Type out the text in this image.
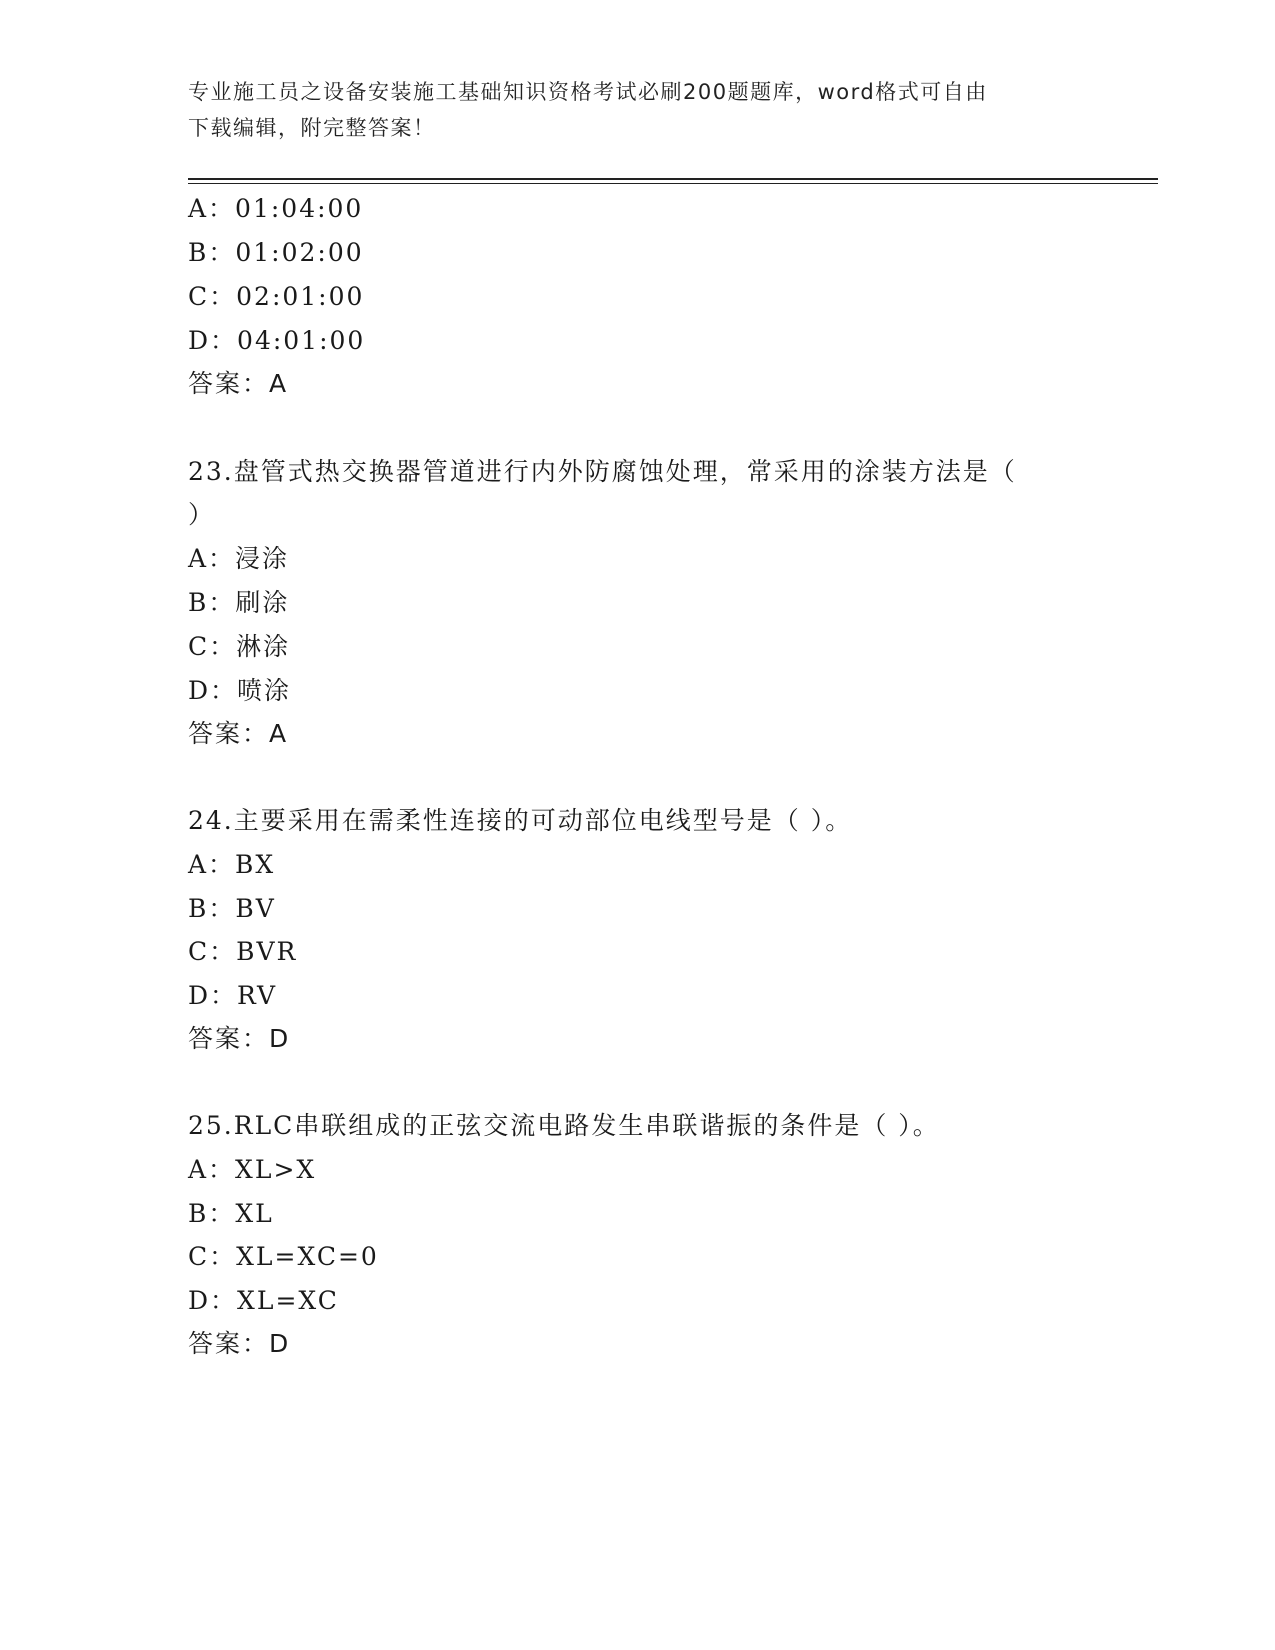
专业施工员之设备安装施工基础知识资格考试必刷200题题库，word格式可自由
下载编辑，附完整答案！
A：01:04:00
B：01:02:00
C：02:01:00
D：04:01:00
答案：A
23.盘管式热交换器管道进行内外防腐蚀处理，常采用的涂装方法是（
）
A：浸涂
B：刷涂
C：淋涂
D：喷涂
答案：A
24.主要采用在需柔性连接的可动部位电线型号是（ ）。
A：BX
B：BV
C：BVR
D：RV
答案：D
25.RLC串联组成的正弦交流电路发生串联谐振的条件是（ ）。
A：XL>X
B：XL
C：XL=XC=0
D：XL=XC
答案：D
